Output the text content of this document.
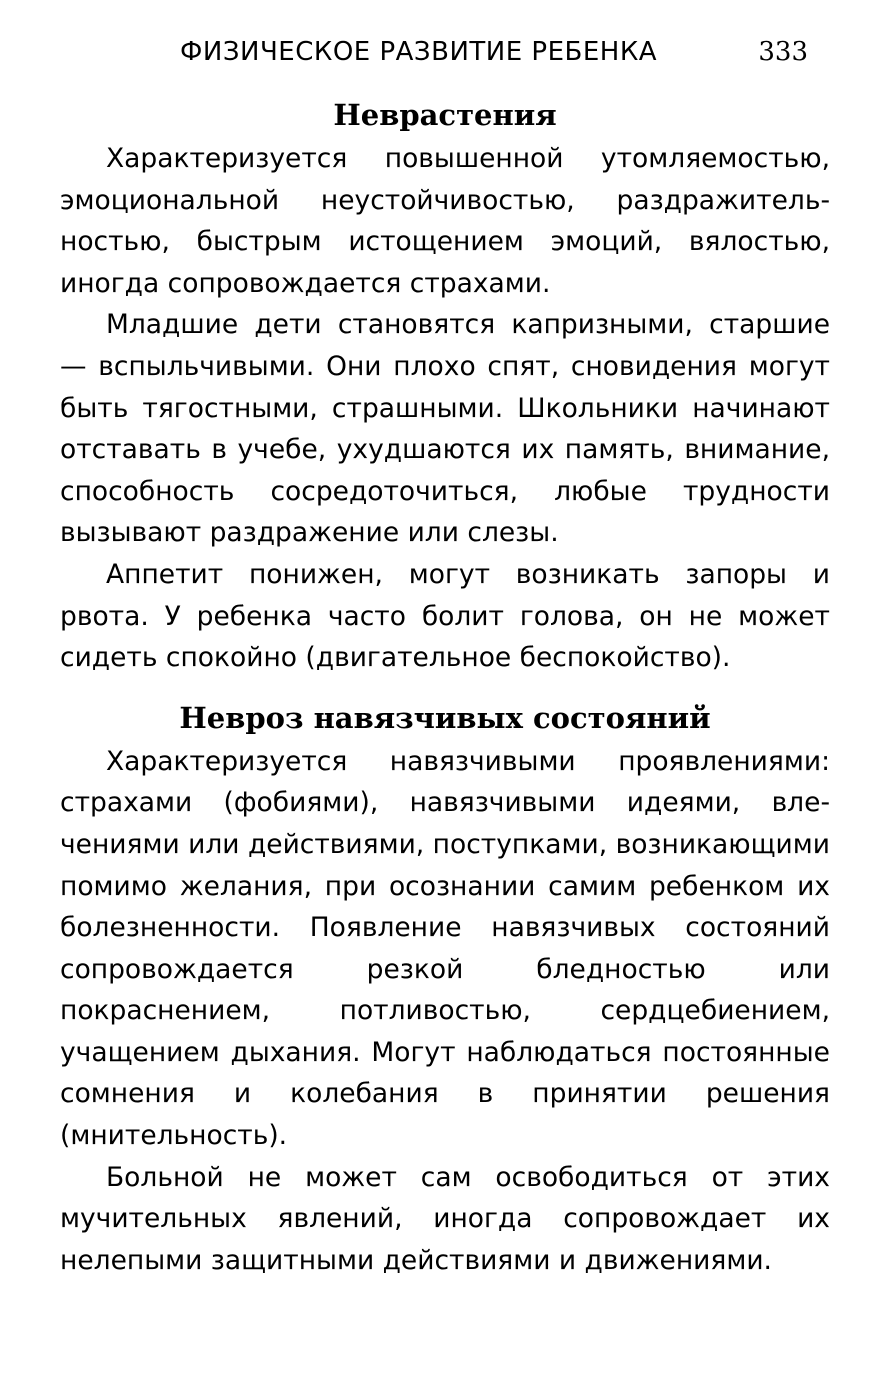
ФИЗИЧЕСКОЕ РАЗВИТИЕ РЕБЕНКА	333
Неврастения

Характеризуется повышенной утомляемостью, эмоциональной неустойчивостью, раздражительностью, быстрым истощением эмоций, вялостью, иногда сопровождается страхами.

Младшие дети становятся капризными, старшие — вспыльчивыми. Они плохо спят, сновидения могут быть тягостными, страшными. Школьники начинают отставать в учебе, ухудшаются их память, внимание, способность сосредоточиться, любые трудности вызывают раздражение или слезы.

Аппетит понижен, могут возникать запоры и рвота. У ребенка часто болит голова, он не может сидеть спокойно (двигательное беспокойство).

Невроз навязчивых состояний

Характеризуется навязчивыми проявлениями: страхами (фобиями), навязчивыми идеями, влечениями или действиями, поступками, возникающими помимо желания, при осознании самим ребенком их болезненности. Появление навязчивых состояний сопровождается резкой бледностью или покраснением, потливостью, сердцебиением, учащением дыхания. Могут наблюдаться постоянные сомнения и колебания в принятии решения (мнительность).

Больной не может сам освободиться от этих мучительных явлений, иногда сопровождает их нелепыми защитными действиями и движениями.
